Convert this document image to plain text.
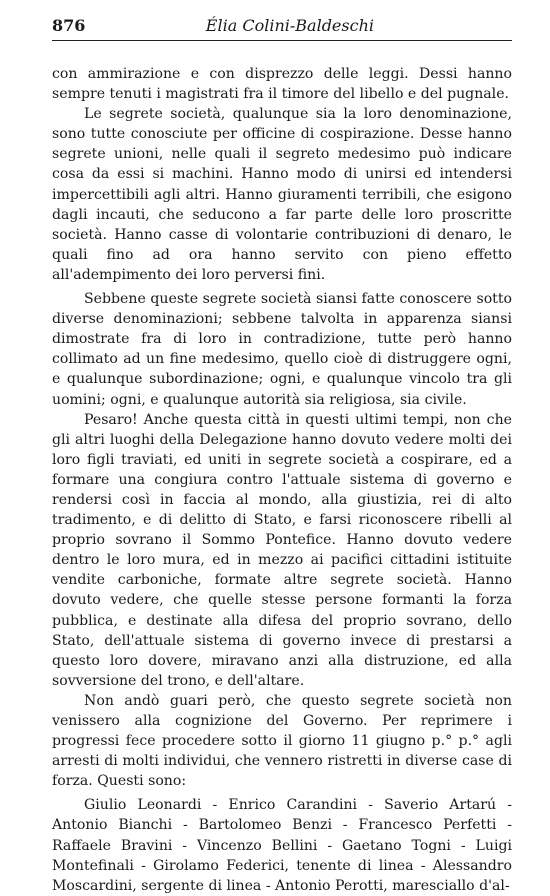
876	Élia Colini-Baldeschi

con ammirazione e con disprezzo delle leggi. Dessi hanno sempre tenuti i magistrati fra il timore del libello e del pugnale.

Le segrete società, qualunque sia la loro denominazione, sono tutte conosciute per officine di cospirazione. Desse hanno segrete unioni, nelle quali il segreto medesimo può indicare cosa da essi si machini. Hanno modo di unirsi ed intendersi impercettibili agli altri. Hanno giuramenti terribili, che esigono dagli incauti, che seducono a far parte delle loro proscritte società. Hanno casse di volontarie contribuzioni di denaro, le quali fino ad ora hanno servito con pieno effetto all'adempimento dei loro perversi fini.

Sebbene queste segrete società siansi fatte conoscere sotto diverse denominazioni; sebbene talvolta in apparenza siansi dimostrate fra di loro in contradizione, tutte però hanno collimato ad un fine medesimo, quello cioè di distruggere ogni, e qualunque subordinazione; ogni, e qualunque vincolo tra gli uomini; ogni, e qualunque autorità sia religiosa, sia civile.

Pesaro! Anche questa città in questi ultimi tempi, non che gli altri luoghi della Delegazione hanno dovuto vedere molti dei loro figli traviati, ed uniti in segrete società a cospirare, ed a formare una congiura contro l'attuale sistema di governo e rendersi così in faccia al mondo, alla giustizia, rei di alto tradimento, e di delitto di Stato, e farsi riconoscere ribelli al proprio sovrano il Sommo Pontefice. Hanno dovuto vedere dentro le loro mura, ed in mezzo ai pacifici cittadini istituite vendite carboniche, formate altre segrete società. Hanno dovuto vedere, che quelle stesse persone formanti la forza pubblica, e destinate alla difesa del proprio sovrano, dello Stato, dell'attuale sistema di governo invece di prestarsi a questo loro dovere, miravano anzi alla distruzione, ed alla sovversione del trono, e dell'altare.

Non andò guari però, che questo segrete società non venissero alla cognizione del Governo. Per reprimere i progressi fece procedere sotto il giorno 11 giugno p.° p.° agli arresti di molti individui, che vennero ristretti in diverse case di forza. Questi sono:

Giulio Leonardi - Enrico Carandini - Saverio Artarú - Antonio Bianchi - Bartolomeo Benzi - Francesco Perfetti - Raffaele Bravini - Vincenzo Bellini - Gaetano Togni - Luigi Montefinali - Girolamo Federici, tenente di linea - Alessandro Moscardini, sergente di linea - Antonio Perotti, maresciallo d'al-
